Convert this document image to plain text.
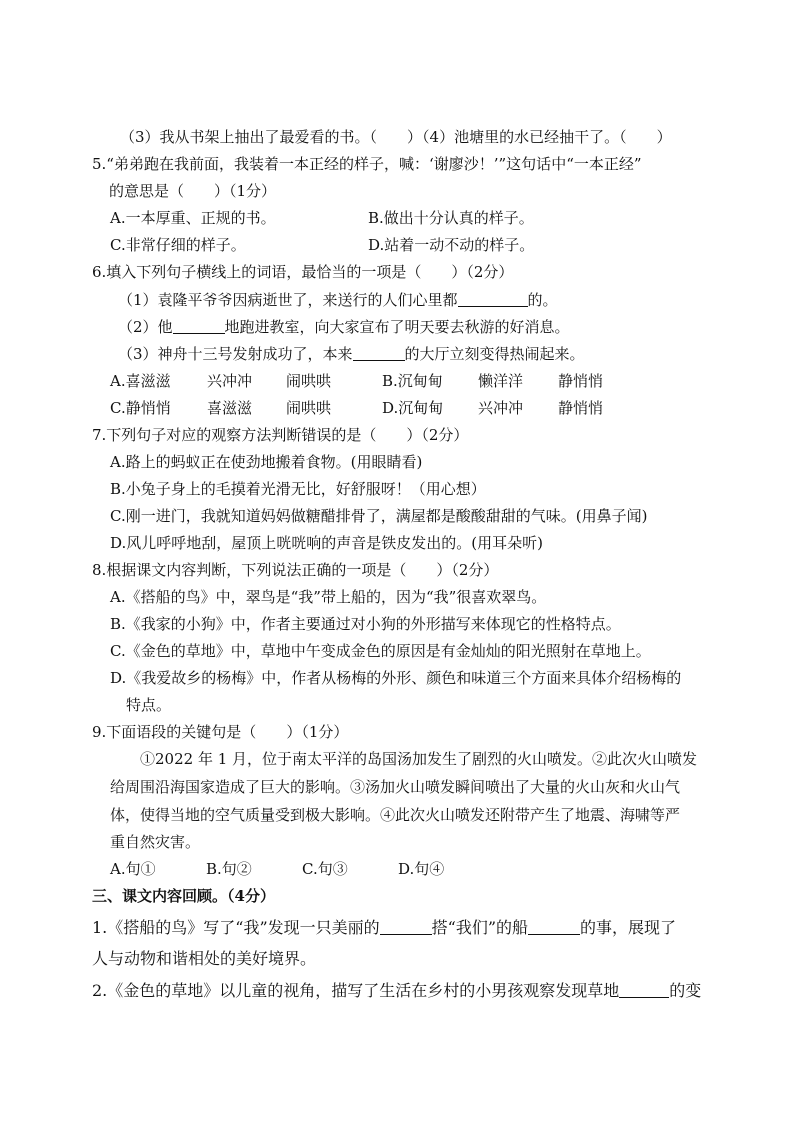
（3）我从书架上抽出了最爱看的书。（　　）（4）池塘里的水已经抽干了。（　　）
5.“弟弟跑在我前面，我装着一本正经的样子，喊：‘谢廖沙！’”这句话中“一本正经”
的意思是（　　）（1分）
A.一本厚重、正规的书。	B.做出十分认真的样子。
C.非常仔细的样子。	D.站着一动不动的样子。
6.填入下列句子横线上的词语，最恰当的一项是（　　）（2分）
（1）袁隆平爷爷因病逝世了，来送行的人们心里都	的。
（2）他	地跑进教室，向大家宣布了明天要去秋游的好消息。
（3）神舟十三号发射成功了，本来	的大厅立刻变得热闹起来。
A.喜滋滋 兴冲冲 闹哄哄	B.沉甸甸 懒洋洋 静悄悄
C.静悄悄 喜滋滋 闹哄哄	D.沉甸甸 兴冲冲 静悄悄
7.下列句子对应的观察方法判断错误的是（　　）（2分）
A.路上的蚂蚁正在使劲地搬着食物。(用眼睛看)
B.小兔子身上的毛摸着光滑无比，好舒服呀！（用心想）
C.刚一进门，我就知道妈妈做糖醋排骨了，满屋都是酸酸甜甜的气味。(用鼻子闻)
D.风儿呼呼地刮，屋顶上咣咣响的声音是铁皮发出的。(用耳朵听)
8.根据课文内容判断，下列说法正确的一项是（　　）（2分）
A.《搭船的鸟》中，翠鸟是“我”带上船的，因为“我”很喜欢翠鸟。
B.《我家的小狗》中，作者主要通过对小狗的外形描写来体现它的性格特点。
C.《金色的草地》中，草地中午变成金色的原因是有金灿灿的阳光照射在草地上。
D.《我爱故乡的杨梅》中，作者从杨梅的外形、颜色和味道三个方面来具体介绍杨梅的
特点。
9.下面语段的关键句是（　　）（1分）
①2022 年 1 月，位于南太平洋的岛国汤加发生了剧烈的火山喷发。②此次火山喷发
给周围沿海国家造成了巨大的影响。③汤加火山喷发瞬间喷出了大量的火山灰和火山气
体，使得当地的空气质量受到极大影响。④此次火山喷发还附带产生了地震、海啸等严
重自然灾害。
A.句①	B.句②	C.句③	D.句④
三、课文内容回顾。（4分）
1.《搭船的鸟》写了“我”发现一只美丽的	搭“我们”的船	的事，展现了
人与动物和谐相处的美好境界。
2.《金色的草地》以儿童的视角，描写了生活在乡村的小男孩观察发现草地	的变
